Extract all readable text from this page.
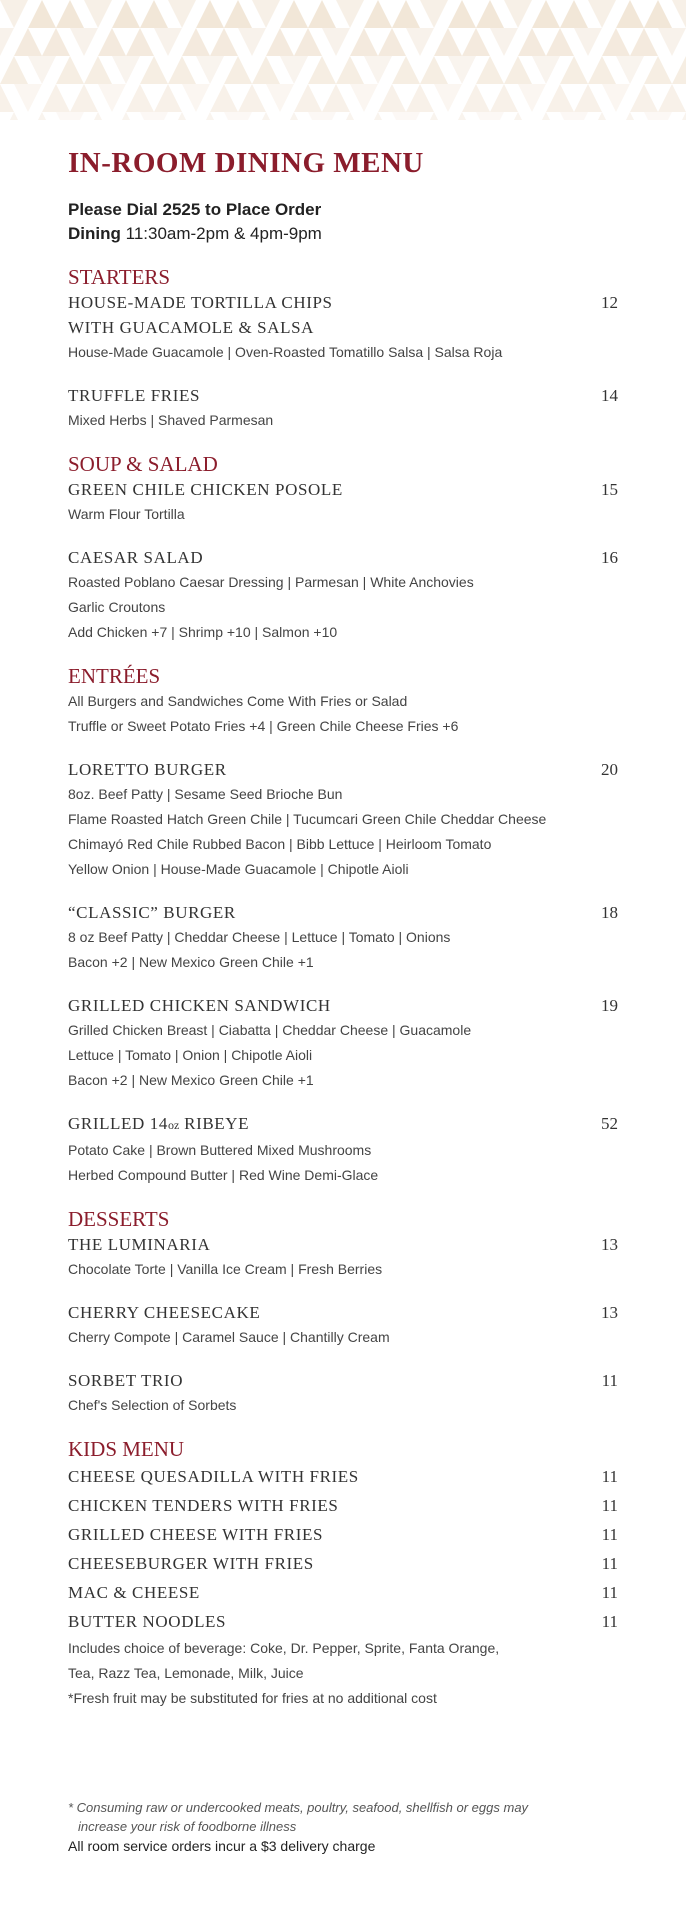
IN-ROOM DINING MENU
Please Dial 2525 to Place Order
Dining 11:30am-2pm & 4pm-9pm
STARTERS
HOUSE-MADE TORTILLA CHIPS	12
WITH GUACAMOLE & SALSA
House-Made Guacamole | Oven-Roasted Tomatillo Salsa | Salsa Roja
TRUFFLE FRIES	14
Mixed Herbs | Shaved Parmesan
SOUP & SALAD
GREEN CHILE CHICKEN POSOLE	15
Warm Flour Tortilla
CAESAR SALAD	16
Roasted Poblano Caesar Dressing | Parmesan | White Anchovies
Garlic Croutons
Add Chicken +7 | Shrimp +10 | Salmon +10
ENTRÉES
All Burgers and Sandwiches Come With Fries or Salad
Truffle or Sweet Potato Fries +4 | Green Chile Cheese Fries +6
LORETTO BURGER	20
8oz. Beef Patty | Sesame Seed Brioche Bun
Flame Roasted Hatch Green Chile | Tucumcari Green Chile Cheddar Cheese
Chimayó Red Chile Rubbed Bacon | Bibb Lettuce | Heirloom Tomato
Yellow Onion | House-Made Guacamole | Chipotle Aioli
“CLASSIC” BURGER	18
8 oz Beef Patty | Cheddar Cheese | Lettuce | Tomato | Onions
Bacon +2 | New Mexico Green Chile +1
GRILLED CHICKEN SANDWICH	19
Grilled Chicken Breast | Ciabatta | Cheddar Cheese | Guacamole
Lettuce | Tomato | Onion | Chipotle Aioli
Bacon +2 | New Mexico Green Chile +1
GRILLED 14oz RIBEYE	52
Potato Cake | Brown Buttered Mixed Mushrooms
Herbed Compound Butter | Red Wine Demi-Glace
DESSERTS
THE LUMINARIA	13
Chocolate Torte | Vanilla Ice Cream | Fresh Berries
CHERRY CHEESECAKE	13
Cherry Compote | Caramel Sauce | Chantilly Cream
SORBET TRIO	11
Chef's Selection of Sorbets
KIDS MENU
CHEESE QUESADILLA WITH FRIES	11
CHICKEN TENDERS WITH FRIES	11
GRILLED CHEESE WITH FRIES	11
CHEESEBURGER WITH FRIES	11
MAC & CHEESE	11
BUTTER NOODLES	11
Includes choice of beverage: Coke, Dr. Pepper, Sprite, Fanta Orange,
Tea, Razz Tea, Lemonade, Milk, Juice
*Fresh fruit may be substituted for fries at no additional cost
* Consuming raw or undercooked meats, poultry, seafood, shellfish or eggs may
increase your risk of foodborne illness
All room service orders incur a $3 delivery charge
